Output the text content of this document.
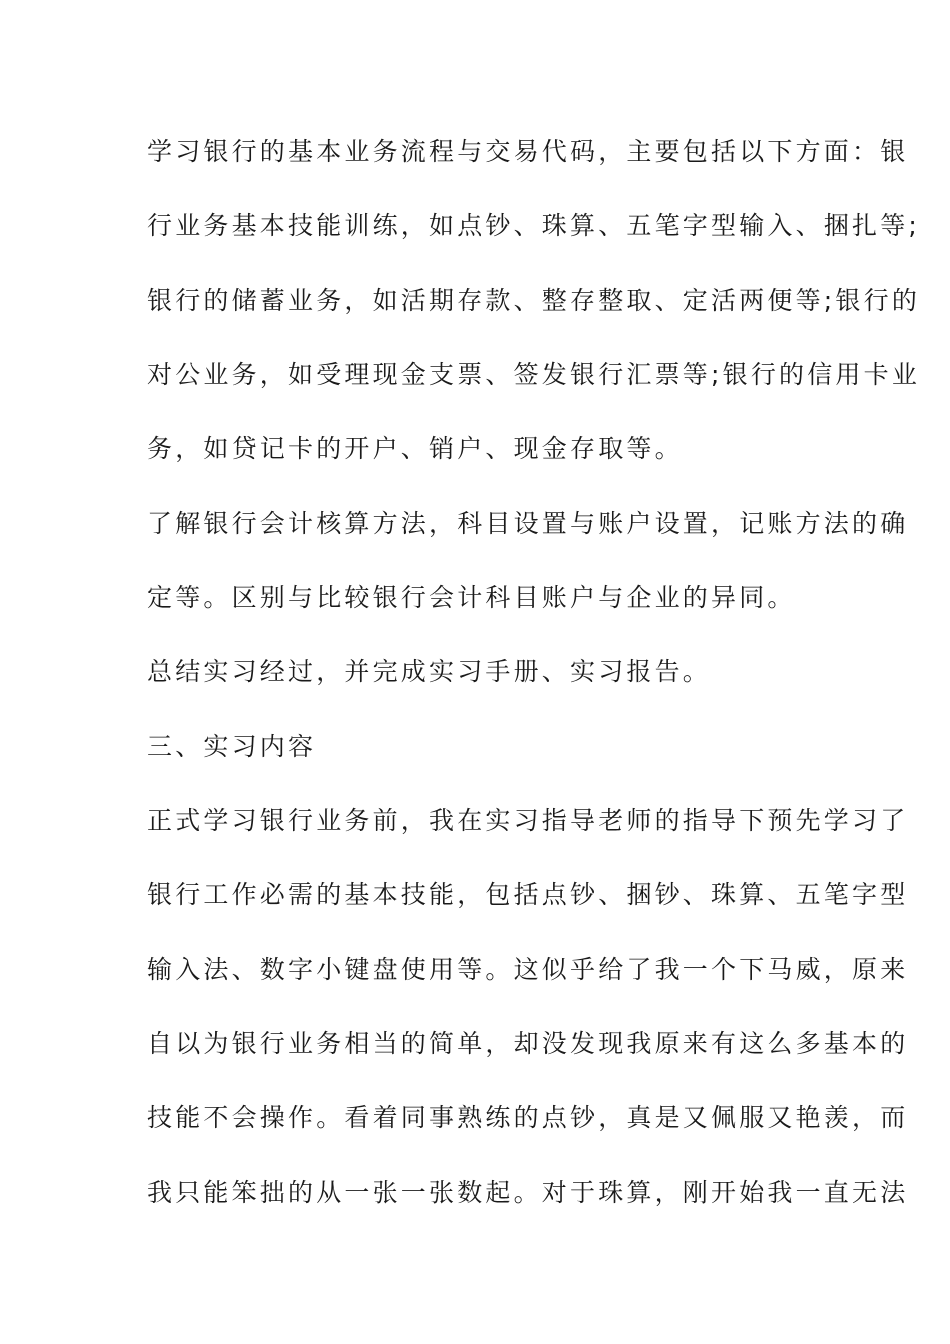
学习银行的基本业务流程与交易代码，主要包括以下方面：银
行业务基本技能训练，如点钞、珠算、五笔字型输入、捆扎等;
银行的储蓄业务，如活期存款、整存整取、定活两便等;银行的
对公业务，如受理现金支票、签发银行汇票等;银行的信用卡业
务，如贷记卡的开户、销户、现金存取等。
了解银行会计核算方法，科目设置与账户设置，记账方法的确
定等。区别与比较银行会计科目账户与企业的异同。
总结实习经过，并完成实习手册、实习报告。
三、实习内容
正式学习银行业务前，我在实习指导老师的指导下预先学习了
银行工作必需的基本技能，包括点钞、捆钞、珠算、五笔字型
输入法、数字小键盘使用等。这似乎给了我一个下马威，原来
自以为银行业务相当的简单，却没发现我原来有这么多基本的
技能不会操作。看着同事熟练的点钞，真是又佩服又艳羡，而
我只能笨拙的从一张一张数起。对于珠算，刚开始我一直无法
